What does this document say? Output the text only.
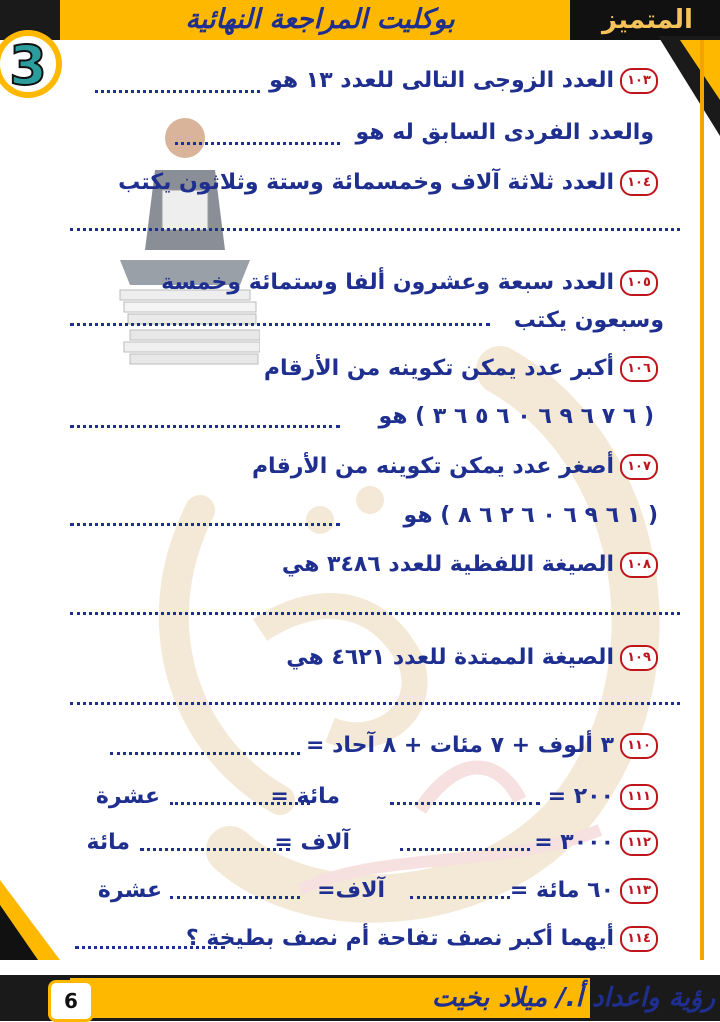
بوكليت المراجعة النهائية	المتميز
3	١٠٣العدد الزوجى التالى للعدد ١٣ هو
والعدد الفردى السابق له هو
١٠٤العدد ثلاثة آلاف وخمسمائة وستة وثلاثون يكتب
١٠٥العدد سبعة وعشرون ألفا وستمائة وخمسة
وسبعون يكتب
١٠٦أكبر عدد يمكن تكوينه من الأرقام
( ٦ ٧ ٦ ٩ ٦ ٠ ٦ ٥ ٦ ٣ ) هو
١٠٧أصغر عدد يمكن تكوينه من الأرقام
( ١ ٦ ٩ ٦ ٠ ٦ ٢ ٦ ٨ ) هو
١٠٨الصيغة اللفظية للعدد ٣٤٨٦ هي
١٠٩الصيغة الممتدة للعدد ٤٦٢١ هي
١١٠٣ ألوف + ٧ مئات + ٨ آحاد =
١١١٢٠٠ =
مائة =
عشرة
١١٢٣٠٠٠ =
آلاف =
مائة
١١٣٦٠ مائة =
آلاف=
عشرة
١١٤أيهما أكبر نصف تفاحة أم نصف بطيخة ؟
رؤية واعداد أ./ ميلاد بخيت
6
